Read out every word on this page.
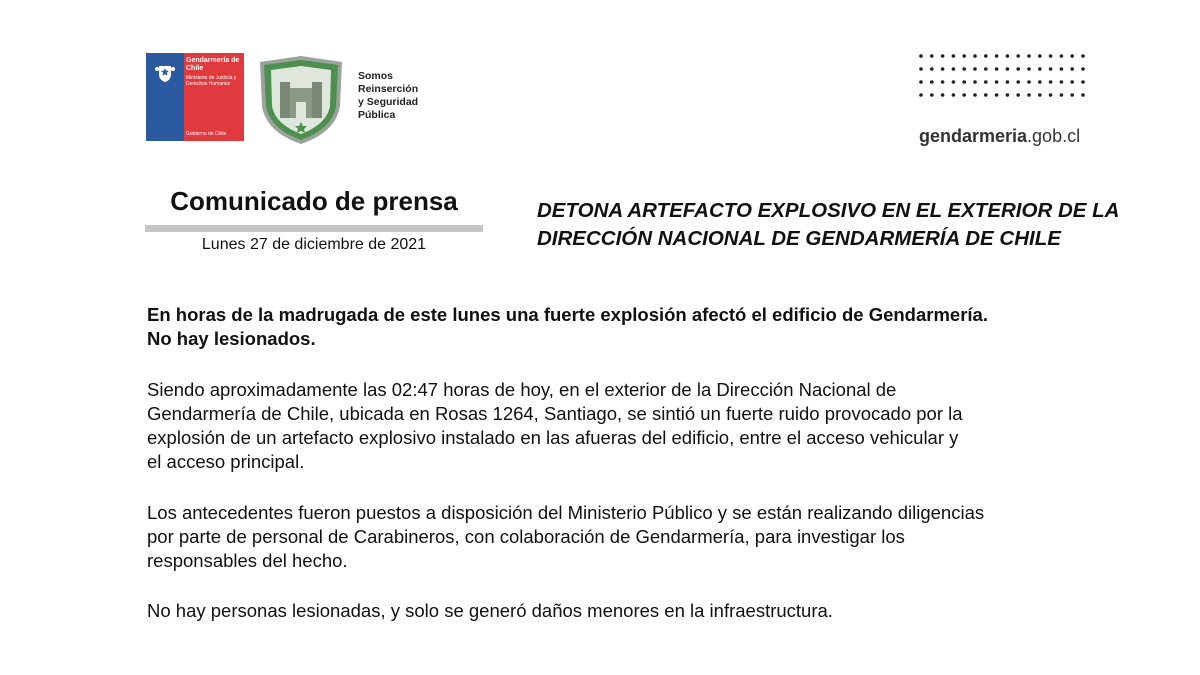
Gendarmería de Chile
Ministerio de Justicia y Derechos Humanos
Gobierno de Chile
Somos
Reinserción
y Seguridad
Pública
gendarmeria.gob.cl
Comunicado de prensa
Lunes 27 de diciembre de 2021
DETONA ARTEFACTO EXPLOSIVO EN EL EXTERIOR DE LA
DIRECCIÓN NACIONAL DE GENDARMERÍA DE CHILE

En horas de la madrugada de este lunes una fuerte explosión afectó el edificio de Gendarmería.
No hay lesionados.

Siendo aproximadamente las 02:47 horas de hoy, en el exterior de la Dirección Nacional de
Gendarmería de Chile, ubicada en Rosas 1264, Santiago, se sintió un fuerte ruido provocado por la
explosión de un artefacto explosivo instalado en las afueras del edificio, entre el acceso vehicular y
el acceso principal.

Los antecedentes fueron puestos a disposición del Ministerio Público y se están realizando diligencias
por parte de personal de Carabineros, con colaboración de Gendarmería, para investigar los
responsables del hecho.

No hay personas lesionadas, y solo se generó daños menores en la infraestructura.
